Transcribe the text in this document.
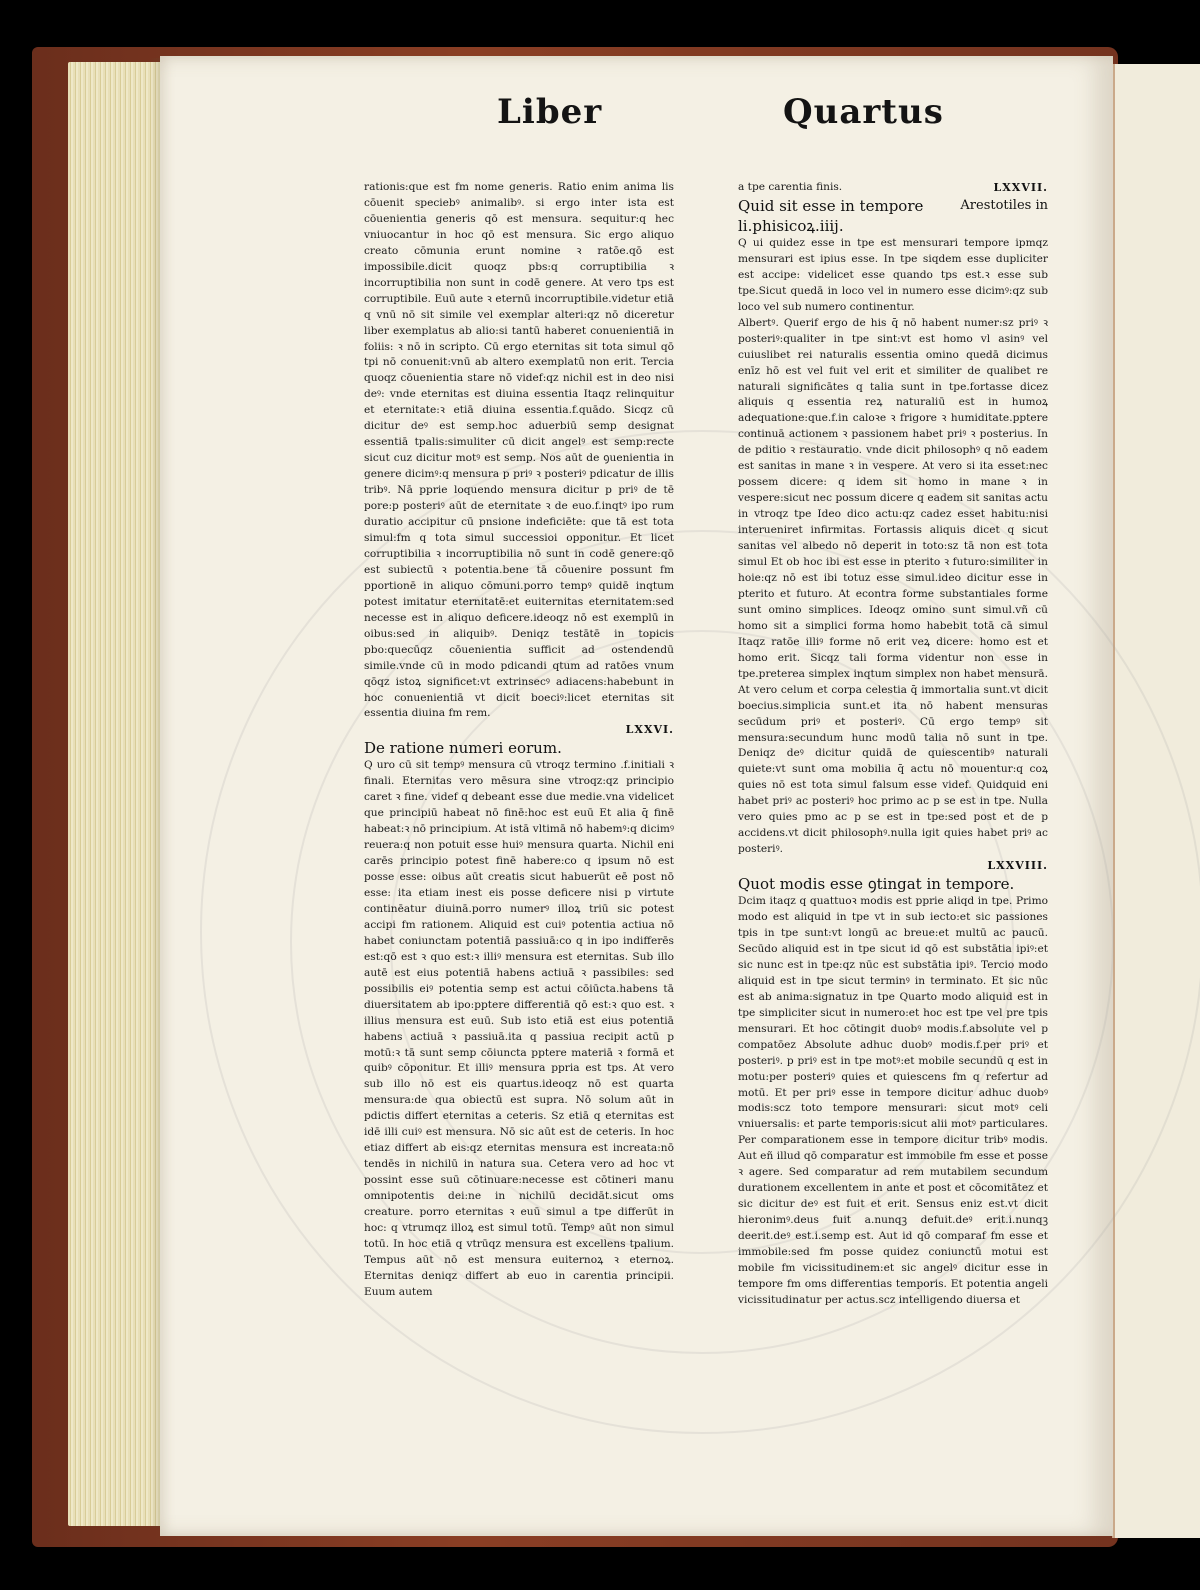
Liber	Quartus

rationis:que est fm nome generis. Ratio enim anima lis cōuenit speciebꝰ animalibꝰ. si ergo inter ista est cōuenientia generis qō est mensura. sequitur:q hec vniuocantur in hoc qō est mensura. Sic ergo aliquo creato cōmunia erunt nomine ꝛ ratōe.qō est impossibile.dicit quoqz pbs:q corruptibilia ꝛ incorruptibilia non sunt in codē genere. At vero tps est corruptibile. Euū aute ꝛ eternū incorruptibile.videtur etiā q vnū nō sit simile vel exemplar alteri:qz nō diceretur liber exemplatus ab alio:si tantū haberet conuenientiā in foliis: ꝛ nō in scripto. Cū ergo eternitas sit tota simul qō tpi nō conuenit:vnū ab altero exemplatū non erit. Tercia quoqz cōuenientia stare nō videf:qz nichil est in deo nisi deꝰ: vnde eternitas est diuina essentia Itaqz relinquitur et eternitate:ꝛ etiā diuina essentia.f.quādo. Sicqz cū dicitur deꝰ est semp.hoc aduerbiū semp designat essentiā tpalis:simuliter cū dicit angelꝰ est semp:recte sicut cuz dicitur motꝰ est semp. Nos aūt de ꝯuenientia in genere dicimꝰ:q mensura p priꝰ ꝛ posteriꝰ pdicatur de illis tribꝰ. Nā pprie loquendo mensura dicitur p priꝰ de tē pore:p posteriꝰ aūt de eternitate ꝛ de euo.f.inqtꝰ ipo rum duratio accipitur cū pnsione indeficiēte: que tā est tota simul:fm q tota simul successioi opponitur. Et licet corruptibilia ꝛ incorruptibilia nō sunt in codē genere:qō est subiectū ꝛ potentia.bene tā cōuenire possunt fm pportionē in aliquo cōmuni.porro tempꝰ quidē inqtum potest imitatur eternitatē:et euiternitas eternitatem:sed necesse est in aliquo deficere.ideoqz nō est exemplū in oibus:sed in aliquibꝰ. Deniqz testātē in topicis pbo:quecūqz cōuenientia sufficit ad ostendendū simile.vnde cū in modo pdicandi qtum ad ratōes vnum qōqz istoꝝ significet:vt extrinsecꝰ adiacens:habebunt in hoc conuenientiā vt dicit boeciꝰ:licet eternitas sit essentia diuina fm rem.

LXXVI.
De ratione numeri eorum.

Q uro cū sit tempꝰ mensura cū vtroqz termino .f.initiali ꝛ finali. Eternitas vero mēsura sine vtroqz:qz principio caret ꝛ fine. videf q debeant esse due medie.vna videlicet que principiū habeat nō finē:hoc est euū Et alia q̄ finē habeat:ꝛ nō principium. At istā vltimā nō habemꝰ:q dicimꝰ reuera:q non potuit esse huiꝰ mensura quarta. Nichil eni carēs principio potest finē habere:co q ipsum nō est posse esse: oibus aūt creatis sicut habuerūt eē post nō esse: ita etiam inest eis posse deficere nisi p virtute continēatur diuinā.porro numerꝰ illoꝝ triū sic potest accipi fm rationem. Aliquid est cuiꝰ potentia actiua nō habet coniunctam potentiā passiuā:co q in ipo indifferēs est:qō est ꝛ quo est:ꝛ illiꝰ mensura est eternitas. Sub illo autē est eius potentiā habens actiuā ꝛ passibiles: sed possibilis eiꝰ potentia semp est actui cōiūcta.habens tā diuersitatem ab ipo:pptere differentiā qō est:ꝛ quo est. ꝛ illius mensura est euū. Sub isto etiā est eius potentiā habens actiuā ꝛ passiuā.ita q passiua recipit actū p motū:ꝛ tā sunt semp cōiuncta pptere materiā ꝛ formā et quibꝰ cōponitur. Et illiꝰ mensura ppria est tps. At vero sub illo nō est eis quartus.ideoqz nō est quarta mensura:de qua obiectū est supra. Nō solum aūt in pdictis differt eternitas a ceteris. Sz etiā q eternitas est idē illi cuiꝰ est mensura. Nō sic aūt est de ceteris. In hoc etiaz differt ab eis:qz eternitas mensura est increata:nō tendēs in nichilū in natura sua. Cetera vero ad hoc vt possint esse suū cōtinuare:necesse est cōtineri manu omnipotentis dei:ne in nichilū decidāt.sicut oms creature. porro eternitas ꝛ euū simul a tpe differūt in hoc: q vtrumqz illoꝝ est simul totū. Tempꝰ aūt non simul totū. In hoc etiā q vtrūqz mensura est excellens tpalium. Tempus aūt nō est mensura euiternoꝝ ꝛ eternoꝝ. Eternitas deniqz differt ab euo in carentia principii. Euum autem

a tpe carentia finis.	LXXVII.
Quid sit esse in tempore	Arestotiles in
li.phisicoꝝ.iiij.

Q ui quidez esse in tpe est mensurari tempore ipmqz mensurari est ipius esse. In tpe siqdem esse dupliciter est accipe: videlicet esse quando tps est.ꝛ esse sub tpe.Sicut quedā in loco vel in numero esse dicimꝰ:qz sub loco vel sub numero continentur.

Albertꝰ. Querif ergo de his q̄ nō habent numer:sz priꝰ ꝛ posteriꝰ:qualiter in tpe sint:vt est homo vl asinꝰ vel cuiuslibet rei naturalis essentia omino quedā dicimus enīz hō est vel fuit vel erit et similiter de qualibet re naturali significātes q talia sunt in tpe.fortasse dicez aliquis q essentia reꝝ naturaliū est in humoꝝ adequatione:que.f.in caloꝛe ꝛ frigore ꝛ humiditate.pptere continuā actionem ꝛ passionem habet priꝰ ꝛ posterius. In de pditio ꝛ restauratio. vnde dicit philosophꝰ q nō eadem est sanitas in mane ꝛ in vespere. At vero si ita esset:nec possem dicere: q idem sit homo in mane ꝛ in vespere:sicut nec possum dicere q eadem sit sanitas actu in vtroqz tpe Ideo dico actu:qz cadez esset habitu:nisi interueniret infirmitas. Fortassis aliquis dicet q sicut sanitas vel albedo nō deperit in toto:sz tā non est tota simul Et ob hoc ibi est esse in pterito ꝛ futuro:similiter in hoie:qz nō est ibi totuz esse simul.ideo dicitur esse in pterito et futuro. At econtra forme substantiales forme sunt omino simplices. Ideoqz omino sunt simul.vñ cū homo sit a simplici forma homo habebit totā cā simul Itaqz ratōe illiꝰ forme nō erit veꝝ dicere: homo est et homo erit. Sicqz tali forma videntur non esse in tpe.preterea simplex inqtum simplex non habet mensurā. At vero celum et corpa celestia q̄ immortalia sunt.vt dicit boecius.simplicia sunt.et ita nō habent mensuras secūdum priꝰ et posteriꝰ. Cū ergo tempꝰ sit mensura:secundum hunc modū talia nō sunt in tpe. Deniqz deꝰ dicitur quidā de quiescentibꝰ naturali quiete:vt sunt oma mobilia q̄ actu nō mouentur:q coꝝ quies nō est tota simul falsum esse videf. Quidquid eni habet priꝰ ac posteriꝰ hoc primo ac p se est in tpe. Nulla vero quies pmo ac p se est in tpe:sed post et de p accidens.vt dicit philosophꝰ.nulla igit quies habet priꝰ ac posteriꝰ.

LXXVIII.
Quot modis esse ꝯtingat in tempore.

Dcim itaqz q quattuoꝛ modis est pprie aliqd in tpe. Primo modo est aliquid in tpe vt in sub iecto:et sic passiones tpis in tpe sunt:vt longū ac breue:et multū ac paucū. Secūdo aliquid est in tpe sicut id qō est substātia ipiꝰ:et sic nunc est in tpe:qz nūc est substātia ipiꝰ. Tercio modo aliquid est in tpe sicut terminꝰ in terminato. Et sic nūc est ab anima:signatuz in tpe Quarto modo aliquid est in tpe simpliciter sicut in numero:et hoc est tpe vel pre tpis mensurari. Et hoc cōtingit duobꝰ modis.f.absolute vel p compatōez Absolute adhuc duobꝰ modis.f.per priꝰ et posteriꝰ. p priꝰ est in tpe motꝰ:et mobile secundū q est in motu:per posteriꝰ quies et quiescens fm q refertur ad motū. Et per priꝰ esse in tempore dicitur adhuc duobꝰ modis:scz toto tempore mensurari: sicut motꝰ celi vniuersalis: et parte temporis:sicut alii motꝰ particulares. Per comparationem esse in tempore dicitur tribꝰ modis. Aut eñ illud qō comparatur est immobile fm esse et posse ꝛ agere. Sed comparatur ad rem mutabilem secundum durationem excellentem in ante et post et cōcomitātez et sic dicitur deꝰ est fuit et erit. Sensus eniz est.vt dicit hieronimꝰ.deus fuit a.nunqꝫ defuit.deꝰ erit.i.nunqꝫ deerit.deꝰ est.i.semp est. Aut id qō comparaf fm esse et immobile:sed fm posse quidez coniunctū motui est mobile fm vicissitudinem:et sic angelꝰ dicitur esse in tempore fm oms differentias temporis. Et potentia angeli vicissitudinatur per actus.scz intelligendo diuersa et
